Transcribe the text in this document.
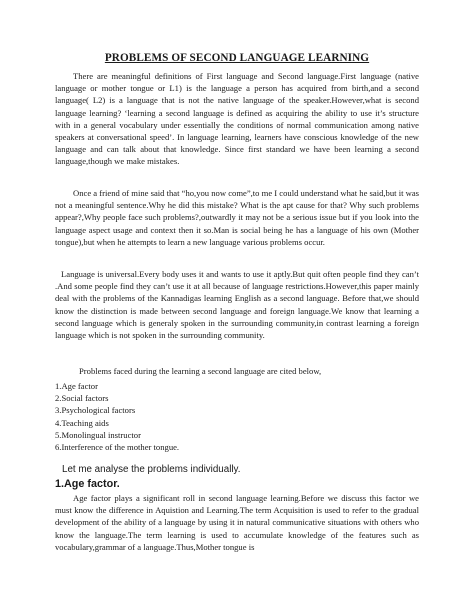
PROBLEMS OF SECOND LANGUAGE LEARNING

There are meaningful definitions of First language and Second language.First language (native language or mother tongue or L1) is the language a person has acquired from birth,and a second language( L2) is a language that is not the native language of the speaker.However,what is second language learning? ‘learning a second language is defined as acquiring the ability to use it’s structure with in a general vocabulary under essentially the conditions of normal communication among native speakers at conversational speed’. In language learning, learners have conscious knowledge of the new language and can talk about that knowledge. Since first standard we have been learning a second language,though we make mistakes.

Once a friend of mine said that “ho,you now come”,to me I could understand what he said,but it was not a meaningful sentence.Why he did this mistake? What is the apt cause for that? Why such problems appear?,Why people face such problems?,outwardly it may not be a serious issue but if you look into the language aspect usage and context then it so.Man is social being he has a language of his own (Mother tongue),but when he attempts to learn a new language various problems occur.

Language is universal.Every body uses it and wants to use it aptly.But quit often people find they can’t .And some people find they can’t use it at all because of language restrictions.However,this paper mainly deal with the problems of the Kannadigas learning English as a second language. Before that,we should know the distinction is made between second language and foreign language.We know that learning a second language which is generaly spoken in the surrounding community,in contrast learning a foreign language which is not spoken in the surrounding community.

Problems faced during the learning a second language are cited below,

1.Age factor
2.Social factors
3.Psychological factors
4.Teaching aids
5.Monolingual instructor
6.Interference of the mother tongue.
Let me analyse the problems individually.
1.Age factor.

Age factor plays a significant roll in second language learning.Before we discuss this factor we must know the difference in Aquistion and Learning.The term Acquisition is used to refer to the gradual development of the ability of a language by using it in natural communicative situations with others who know the language.The term learning is used to accumulate knowledge of the features such as vocabulary,grammar of a language.Thus,Mother tongue is
